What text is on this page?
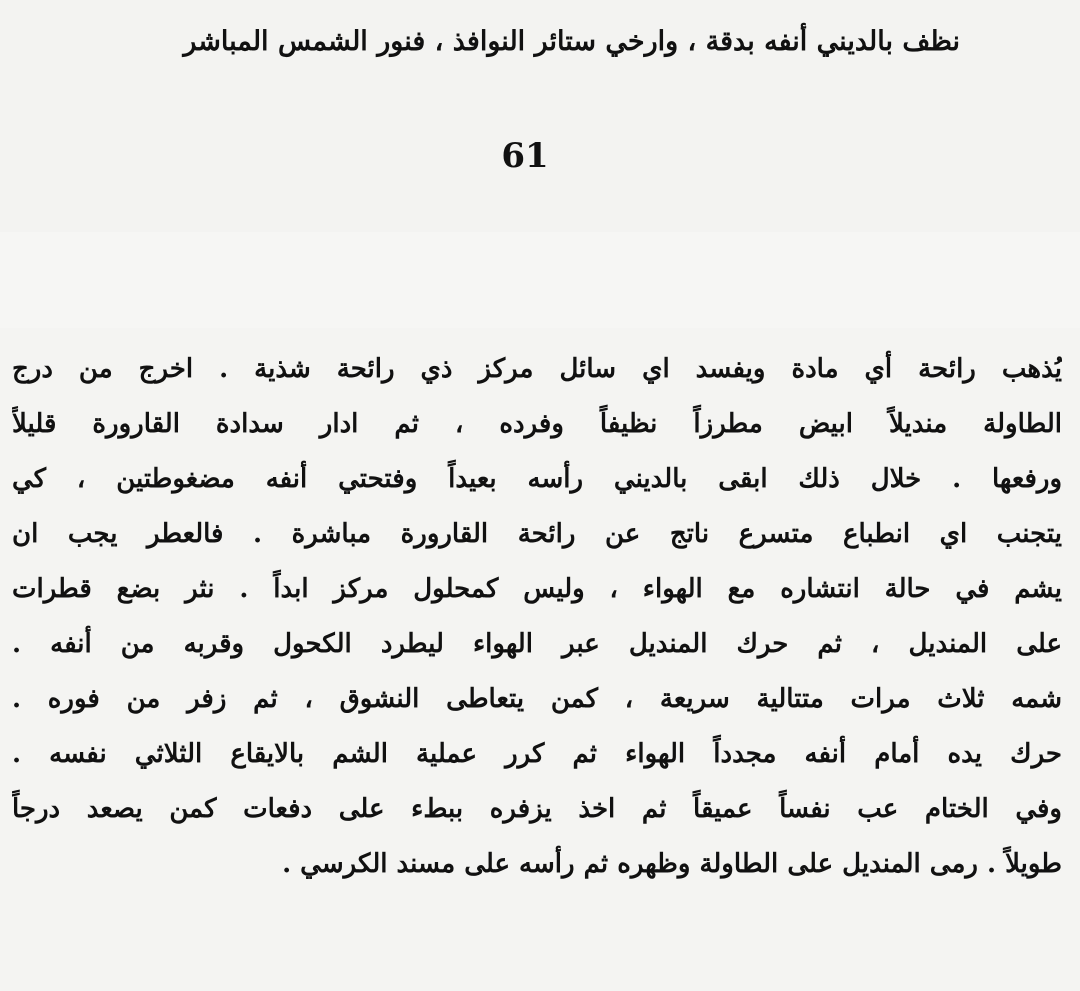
نظف بالديني أنفه بدقة ، وارخي ستائر النوافذ ، فنور الشمس المباشر
61
يُذهب رائحة أي مادة ويفسد اي سائل مركز ذي رائحة شذية . اخرج من درج
الطاولة منديلاً ابيض مطرزاً نظيفاً وفرده ، ثم ادار سدادة القارورة قليلاً
ورفعها . خلال ذلك ابقى بالديني رأسه بعيداً وفتحتي أنفه مضغوطتين ، كي
يتجنب اي انطباع متسرع ناتج عن رائحة القارورة مباشرة . فالعطر يجب ان
يشم في حالة انتشاره مع الهواء ، وليس كمحلول مركز ابداً . نثر بضع قطرات
على المنديل ، ثم حرك المنديل عبر الهواء ليطرد الكحول وقربه من أنفه .
شمه ثلاث مرات متتالية سريعة ، كمن يتعاطى النشوق ، ثم زفر من فوره .
حرك يده أمام أنفه مجدداً الهواء ثم كرر عملية الشم بالايقاع الثلاثي نفسه .
وفي الختام عب نفساً عميقاً ثم اخذ يزفره ببطء على دفعات كمن يصعد درجاً
طويلاً . رمى المنديل على الطاولة وظهره ثم رأسه على مسند الكرسي .
